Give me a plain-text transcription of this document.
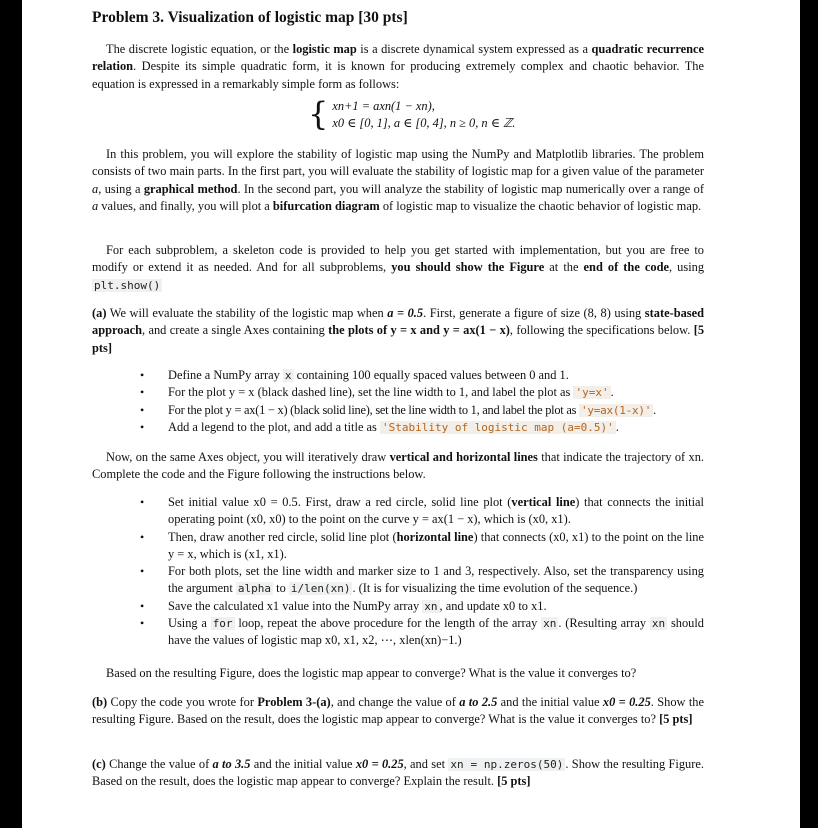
Problem 3. Visualization of logistic map [30 pts]

The discrete logistic equation, or the logistic map is a discrete dynamical system expressed as a quadratic recurrence relation. Despite its simple quadratic form, it is known for producing extremely complex and chaotic behavior. The equation is expressed in a remarkably simple form as follows:

{ xn+1 = axn(1 − xn),
x0 ∈ [0, 1], a ∈ [0, 4], n ≥ 0, n ∈ ℤ.

In this problem, you will explore the stability of logistic map using the NumPy and Matplotlib libraries. The problem consists of two main parts. In the first part, you will evaluate the stability of logistic map for a given value of the parameter a, using a graphical method. In the second part, you will analyze the stability of logistic map numerically over a range of a values, and finally, you will plot a bifurcation diagram of logistic map to visualize the chaotic behavior of logistic map.

For each subproblem, a skeleton code is provided to help you get started with implementation, but you are free to modify or extend it as needed. And for all subproblems, you should show the Figure at the end of the code, using plt.show()

(a) We will evaluate the stability of the logistic map when a = 0.5. First, generate a figure of size (8, 8) using state-based approach, and create a single Axes containing the plots of y = x and y = ax(1 − x), following the specifications below. [5 pts]

• Define a NumPy array x containing 100 equally spaced values between 0 and 1.
• For the plot y = x (black dashed line), set the line width to 1, and label the plot as 'y=x' .
• For the plot y = ax(1 − x) (black solid line), set the line width to 1, and label the plot as 'y=ax(1-x)' .
• Add a legend to the plot, and add a title as 'Stability of logistic map (a=0.5)' .

Now, on the same Axes object, you will iteratively draw vertical and horizontal lines that indicate the trajectory of xn. Complete the code and the Figure following the instructions below.

• Set initial value x0 = 0.5. First, draw a red circle, solid line plot (vertical line) that connects the initial operating point (x0, x0) to the point on the curve y = ax(1 − x), which is (x0, x1).
• Then, draw another red circle, solid line plot (horizontal line) that connects (x0, x1) to the point on the line y = x, which is (x1, x1).
• For both plots, set the line width and marker size to 1 and 3, respectively. Also, set the transparency using the argument alpha to i/len(xn) . (It is for visualizing the time evolution of the sequence.)
• Save the calculated x1 value into the NumPy array xn , and update x0 to x1.
• Using a for loop, repeat the above procedure for the length of the array xn . (Resulting array xn should have the values of logistic map x0, x1, x2, ⋯, xlen(xn)−1.)

Based on the resulting Figure, does the logistic map appear to converge? What is the value it converges to?

(b) Copy the code you wrote for Problem 3-(a), and change the value of a to 2.5 and the initial value x0 = 0.25. Show the resulting Figure. Based on the result, does the logistic map appear to converge? What is the value it converges to? [5 pts]

(c) Change the value of a to 3.5 and the initial value x0 = 0.25, and set xn = np.zeros(50) . Show the resulting Figure. Based on the result, does the logistic map appear to converge? Explain the result. [5 pts]
